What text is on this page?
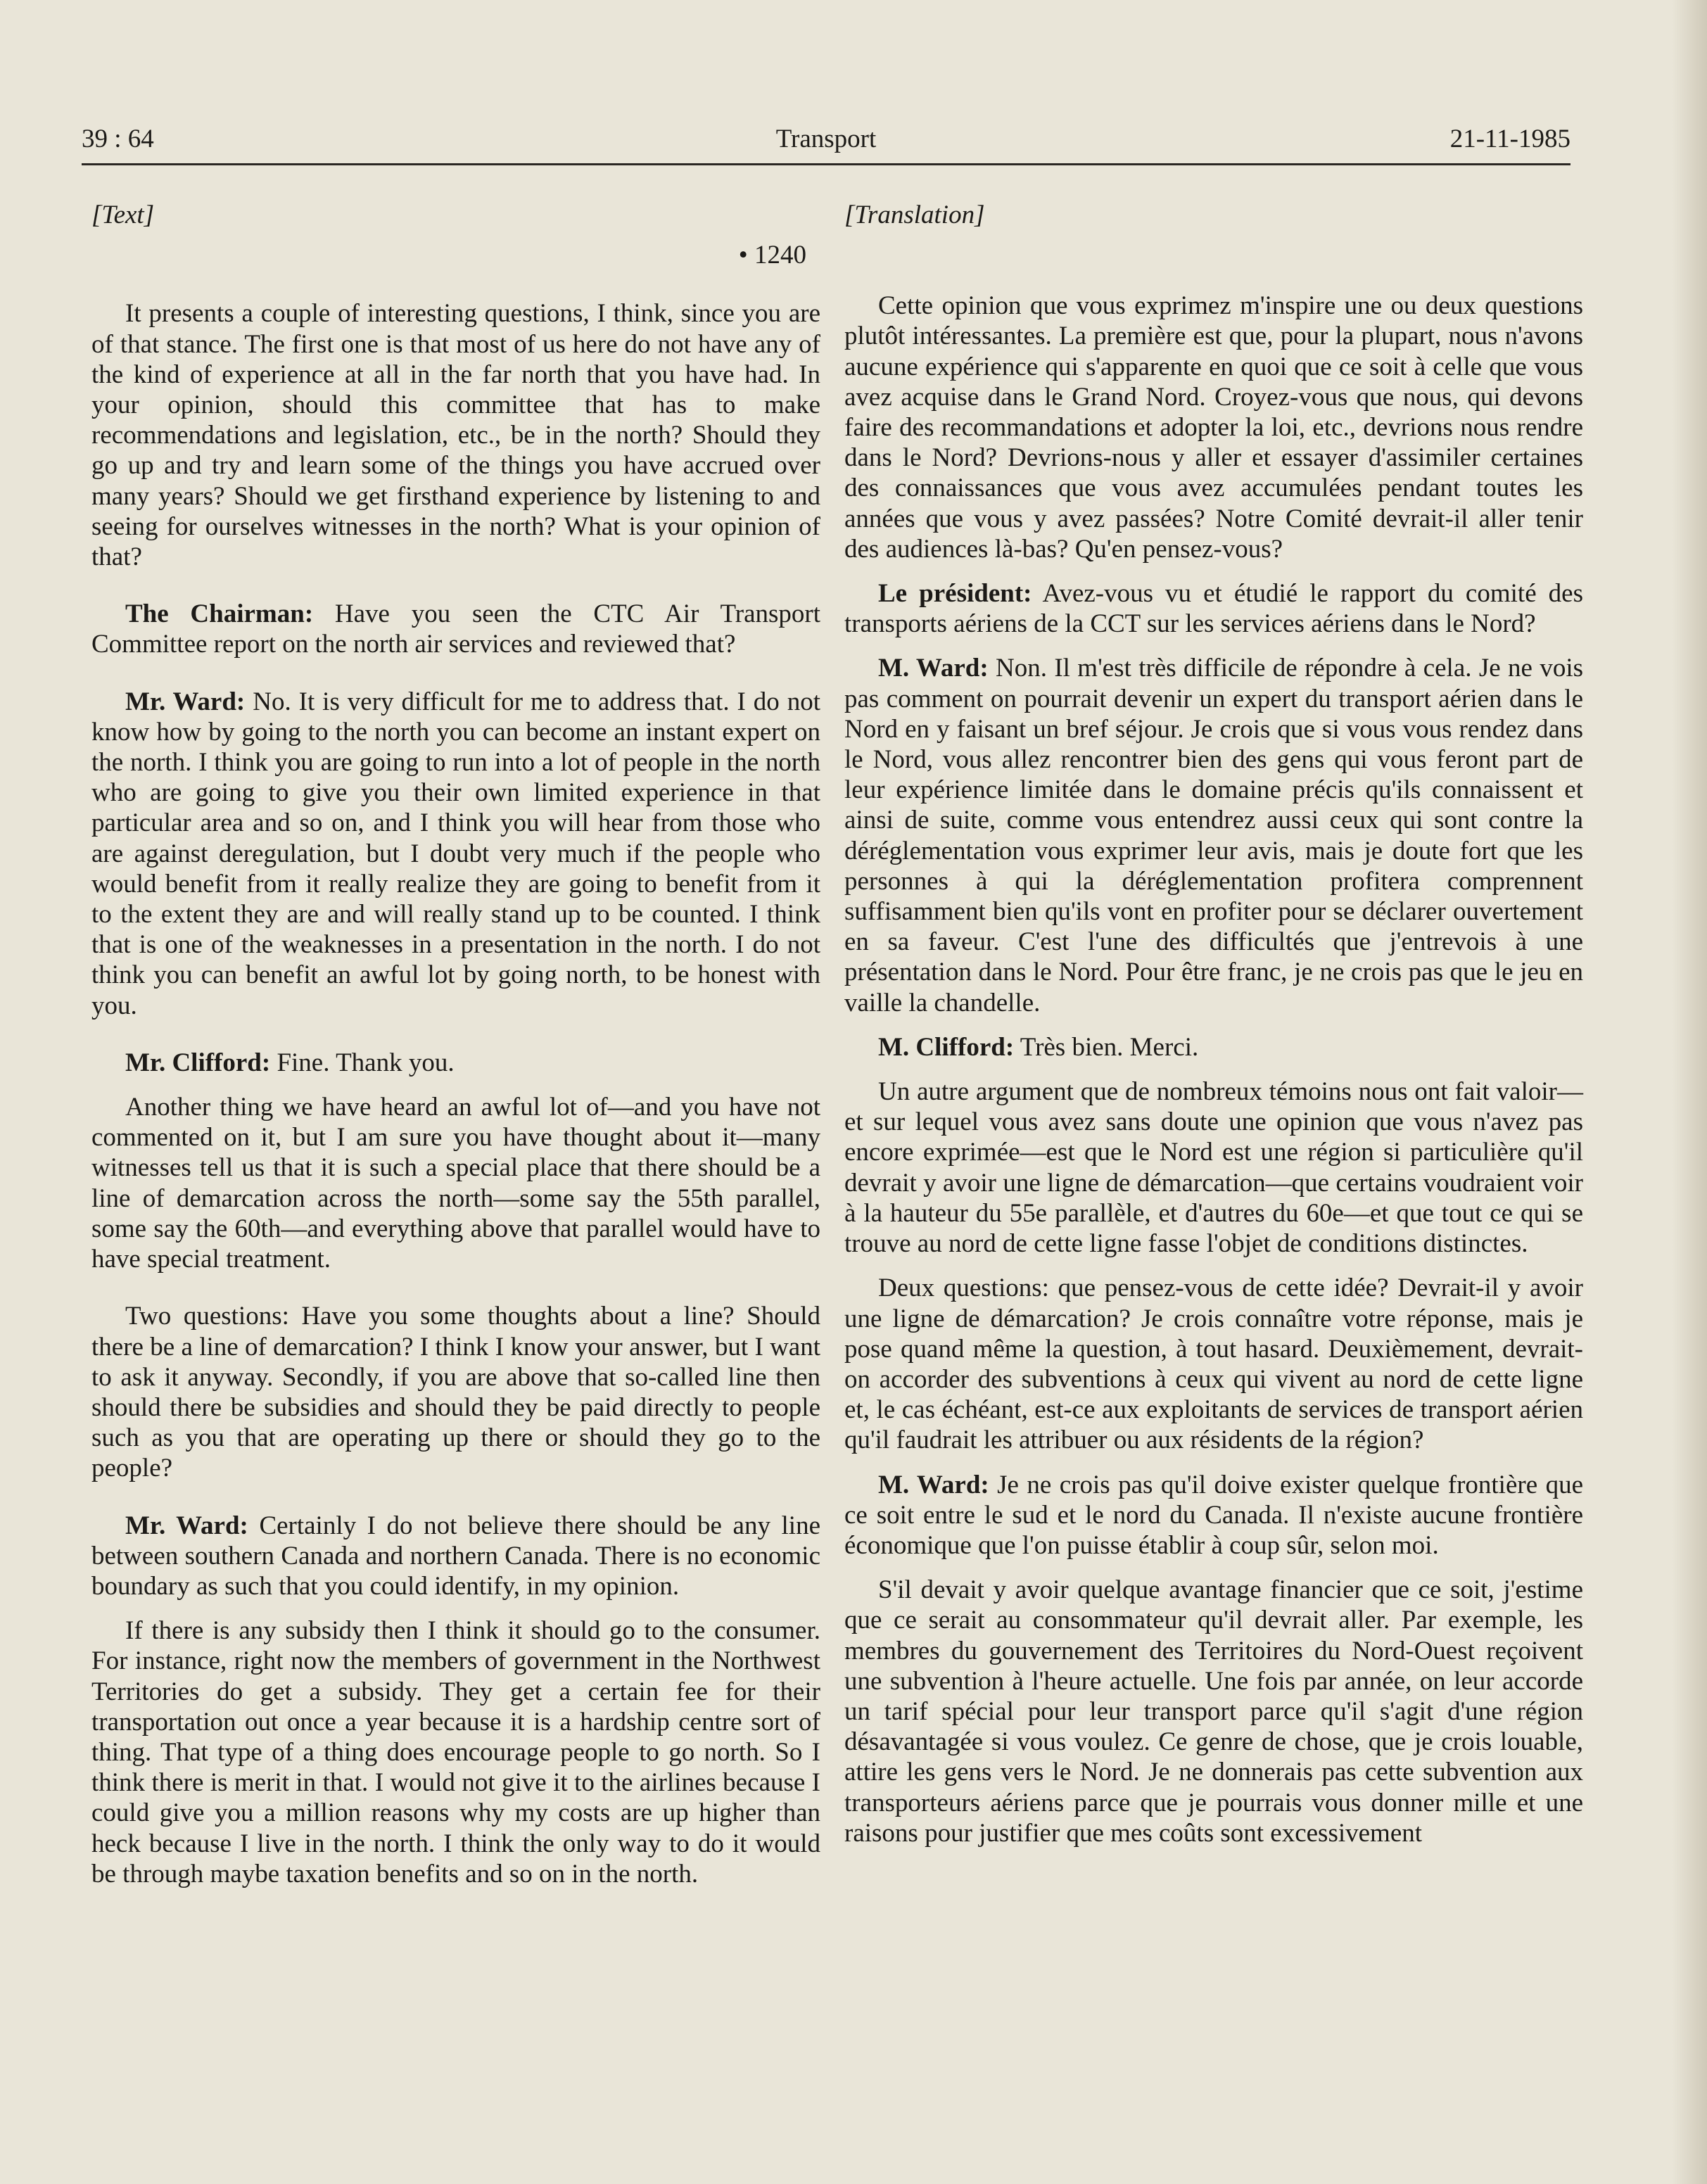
Transport
39 : 64	21-11-1985

[Text]

• 1240

It presents a couple of interesting questions, I think, since you are of that stance. The first one is that most of us here do not have any of the kind of experience at all in the far north that you have had. In your opinion, should this committee that has to make recommendations and legislation, etc., be in the north? Should they go up and try and learn some of the things you have accrued over many years? Should we get firsthand experience by listening to and seeing for ourselves witnesses in the north? What is your opinion of that?

The Chairman: Have you seen the CTC Air Transport Committee report on the north air services and reviewed that?

Mr. Ward: No. It is very difficult for me to address that. I do not know how by going to the north you can become an instant expert on the north. I think you are going to run into a lot of people in the north who are going to give you their own limited experience in that particular area and so on, and I think you will hear from those who are against deregulation, but I doubt very much if the people who would benefit from it really realize they are going to benefit from it to the extent they are and will really stand up to be counted. I think that is one of the weaknesses in a presentation in the north. I do not think you can benefit an awful lot by going north, to be honest with you.

Mr. Clifford: Fine. Thank you.

Another thing we have heard an awful lot of—and you have not commented on it, but I am sure you have thought about it—many witnesses tell us that it is such a special place that there should be a line of demarcation across the north—some say the 55th parallel, some say the 60th—and everything above that parallel would have to have special treatment.

Two questions: Have you some thoughts about a line? Should there be a line of demarcation? I think I know your answer, but I want to ask it anyway. Secondly, if you are above that so-called line then should there be subsidies and should they be paid directly to people such as you that are operating up there or should they go to the people?

Mr. Ward: Certainly I do not believe there should be any line between southern Canada and northern Canada. There is no economic boundary as such that you could identify, in my opinion.

If there is any subsidy then I think it should go to the consumer. For instance, right now the members of government in the Northwest Territories do get a subsidy. They get a certain fee for their transportation out once a year because it is a hardship centre sort of thing. That type of a thing does encourage people to go north. So I think there is merit in that. I would not give it to the airlines because I could give you a million reasons why my costs are up higher than heck because I live in the north. I think the only way to do it would be through maybe taxation benefits and so on in the north.

[Translation]

Cette opinion que vous exprimez m'inspire une ou deux questions plutôt intéressantes. La première est que, pour la plupart, nous n'avons aucune expérience qui s'apparente en quoi que ce soit à celle que vous avez acquise dans le Grand Nord. Croyez-vous que nous, qui devons faire des recommandations et adopter la loi, etc., devrions nous rendre dans le Nord? Devrions-nous y aller et essayer d'assimiler certaines des connaissances que vous avez accumulées pendant toutes les années que vous y avez passées? Notre Comité devrait-il aller tenir des audiences là-bas? Qu'en pensez-vous?

Le président: Avez-vous vu et étudié le rapport du comité des transports aériens de la CCT sur les services aériens dans le Nord?

M. Ward: Non. Il m'est très difficile de répondre à cela. Je ne vois pas comment on pourrait devenir un expert du transport aérien dans le Nord en y faisant un bref séjour. Je crois que si vous vous rendez dans le Nord, vous allez rencontrer bien des gens qui vous feront part de leur expérience limitée dans le domaine précis qu'ils connaissent et ainsi de suite, comme vous entendrez aussi ceux qui sont contre la déréglementation vous exprimer leur avis, mais je doute fort que les personnes à qui la déréglementation profitera comprennent suffisamment bien qu'ils vont en profiter pour se déclarer ouvertement en sa faveur. C'est l'une des difficultés que j'entrevois à une présentation dans le Nord. Pour être franc, je ne crois pas que le jeu en vaille la chandelle.

M. Clifford: Très bien. Merci.

Un autre argument que de nombreux témoins nous ont fait valoir—et sur lequel vous avez sans doute une opinion que vous n'avez pas encore exprimée—est que le Nord est une région si particulière qu'il devrait y avoir une ligne de démarcation—que certains voudraient voir à la hauteur du 55e parallèle, et d'autres du 60e—et que tout ce qui se trouve au nord de cette ligne fasse l'objet de conditions distinctes.

Deux questions: que pensez-vous de cette idée? Devrait-il y avoir une ligne de démarcation? Je crois connaître votre réponse, mais je pose quand même la question, à tout hasard. Deuxièmement, devrait-on accorder des subventions à ceux qui vivent au nord de cette ligne et, le cas échéant, est-ce aux exploitants de services de transport aérien qu'il faudrait les attribuer ou aux résidents de la région?

M. Ward: Je ne crois pas qu'il doive exister quelque frontière que ce soit entre le sud et le nord du Canada. Il n'existe aucune frontière économique que l'on puisse établir à coup sûr, selon moi.

S'il devait y avoir quelque avantage financier que ce soit, j'estime que ce serait au consommateur qu'il devrait aller. Par exemple, les membres du gouvernement des Territoires du Nord-Ouest reçoivent une subvention à l'heure actuelle. Une fois par année, on leur accorde un tarif spécial pour leur transport parce qu'il s'agit d'une région désavantagée si vous voulez. Ce genre de chose, que je crois louable, attire les gens vers le Nord. Je ne donnerais pas cette subvention aux transporteurs aériens parce que je pourrais vous donner mille et une raisons pour justifier que mes coûts sont excessivement
